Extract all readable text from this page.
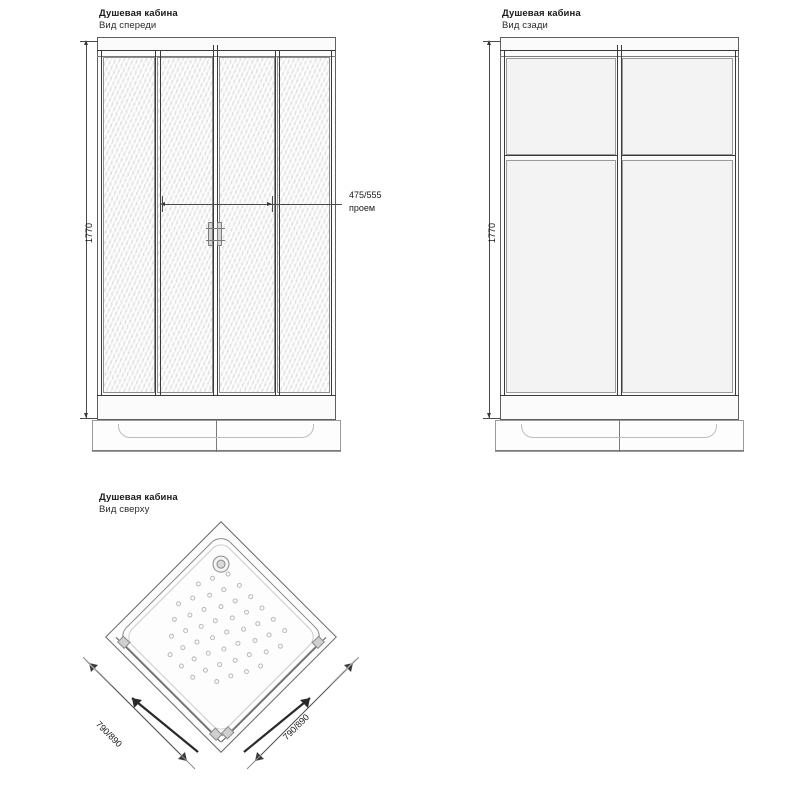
Душевая кабина
Вид спереди
1770
475/555
проем
Душевая кабина
Вид сзади
1770
Душевая кабина
Вид сверху
790/890	790/890
